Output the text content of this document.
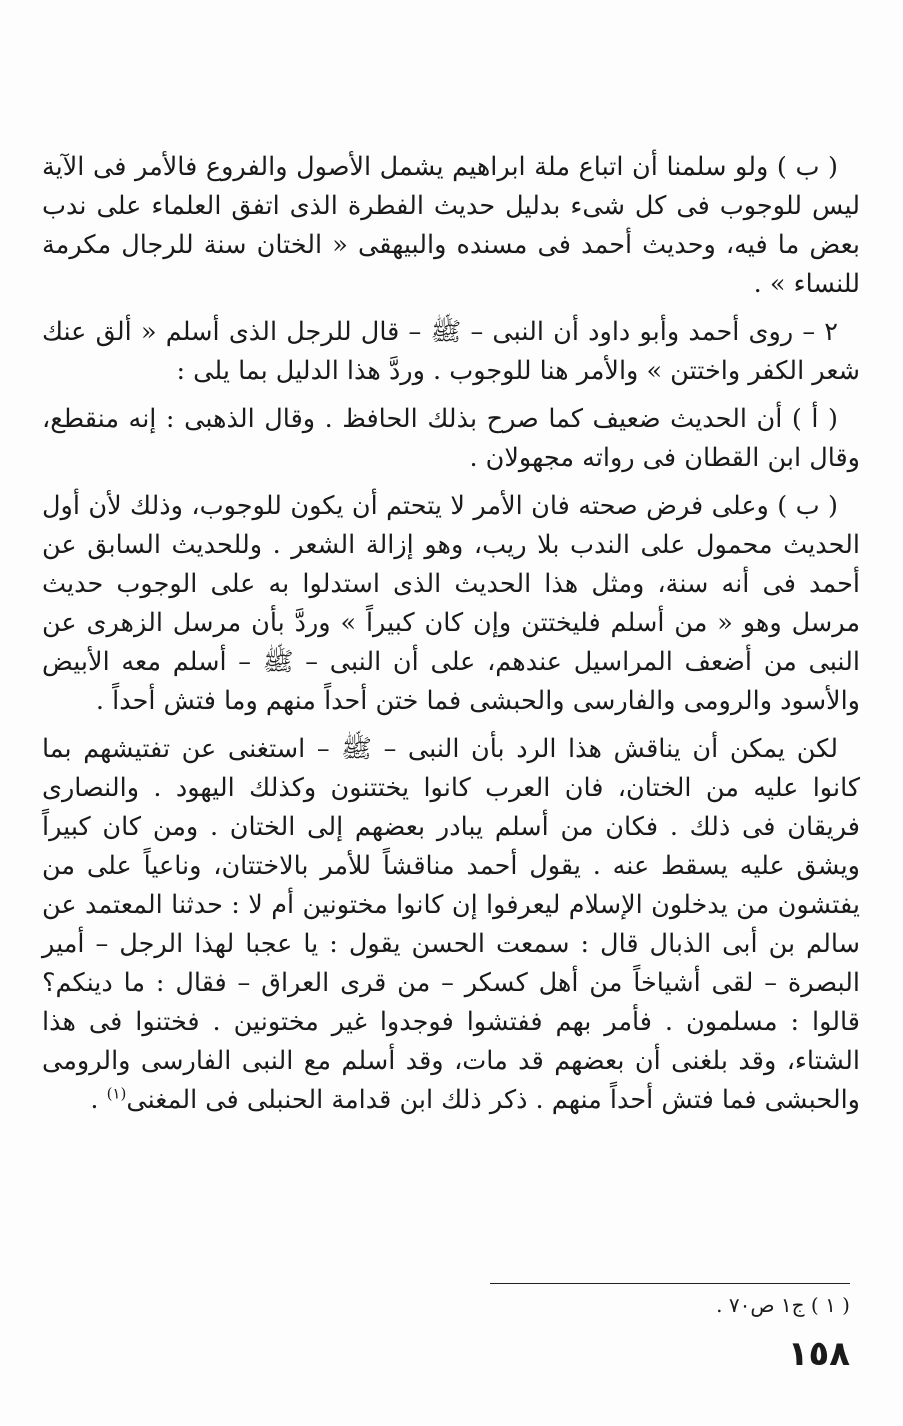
( ب ) ولو سلمنا أن اتباع ملة ابراهيم يشمل الأصول والفروع فالأمر فى الآية ليس للوجوب فى كل شىء بدليل حديث الفطرة الذى اتفق العلماء على ندب بعض ما فيه، وحديث أحمد فى مسنده والبيهقى « الختان سنة للرجال مكرمة للنساء » .

٢ – روى أحمد وأبو داود أن النبى – ﷺ – قال للرجل الذى أسلم « ألق عنك شعر الكفر واختتن » والأمر هنا للوجوب . وردَّ هذا الدليل بما يلى :

( أ ) أن الحديث ضعيف كما صرح بذلك الحافظ . وقال الذهبى : إنه منقطع، وقال ابن القطان فى رواته مجهولان .

( ب ) وعلى فرض صحته فان الأمر لا يتحتم أن يكون للوجوب، وذلك لأن أول الحديث محمول على الندب بلا ريب، وهو إزالة الشعر . وللحديث السابق عن أحمد فى أنه سنة، ومثل هذا الحديث الذى استدلوا به على الوجوب حديث مرسل وهو « من أسلم فليختتن وإن كان كبيراً » وردَّ بأن مرسل الزهرى عن النبى من أضعف المراسيل عندهم، على أن النبى – ﷺ – أسلم معه الأبيض والأسود والرومى والفارسى والحبشى فما ختن أحداً منهم وما فتش أحداً .

لكن يمكن أن يناقش هذا الرد بأن النبى – ﷺ – استغنى عن تفتيشهم بما كانوا عليه من الختان، فان العرب كانوا يختتنون وكذلك اليهود . والنصارى فريقان فى ذلك . فكان من أسلم يبادر بعضهم إلى الختان . ومن كان كبيراً ويشق عليه يسقط عنه . يقول أحمد مناقشاً للأمر بالاختتان، وناعياً على من يفتشون من يدخلون الإسلام ليعرفوا إن كانوا مختونين أم لا : حدثنا المعتمد عن سالم بن أبى الذبال قال : سمعت الحسن يقول : يا عجبا لهذا الرجل – أمير البصرة – لقى أشياخاً من أهل كسكر – من قرى العراق – فقال : ما دينكم؟ قالوا : مسلمون . فأمر بهم ففتشوا فوجدوا غير مختونين . فختنوا فى هذا الشتاء، وقد بلغنى أن بعضهم قد مات، وقد أسلم مع النبى الفارسى والرومى والحبشى فما فتش أحداً منهم . ذكر ذلك ابن قدامة الحنبلى فى المغنى$^{(١)}$ .

( ١ ) ج١ ص٧٠ .
١٥٨
